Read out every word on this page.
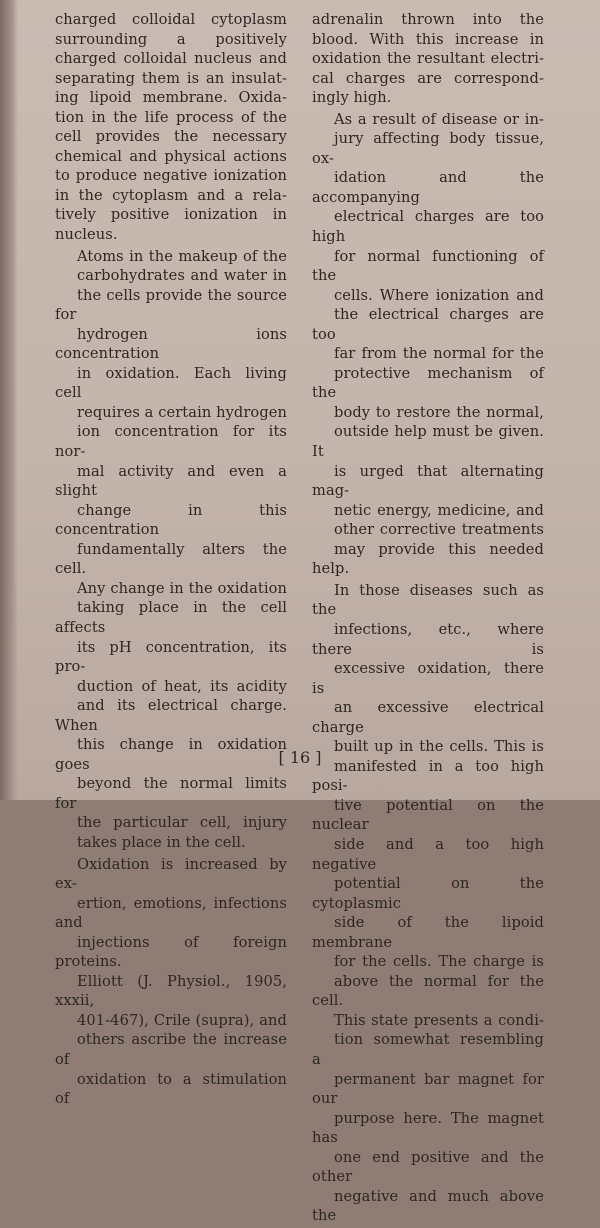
charged colloidal cytoplasm
surrounding a positively
charged colloidal nucleus and
separating them is an insulat-
ing lipoid membrane. Oxida-
tion in the life process of the
cell provides the necessary
chemical and physical actions
to produce negative ionization
in the cytoplasm and a rela-
tively positive ionization in
nucleus.

Atoms in the makeup of the
carbohydrates and water in
the cells provide the source for
hydrogen ions concentration
in oxidation. Each living cell
requires a certain hydrogen
ion concentration for its nor-
mal activity and even a slight
change in this concentration
fundamentally alters the cell.
Any change in the oxidation
taking place in the cell affects
its pH concentration, its pro-
duction of heat, its acidity
and its electrical charge. When
this change in oxidation goes
beyond the normal limits for
the particular cell, injury
takes place in the cell.

Oxidation is increased by ex-
ertion, emotions, infections and
injections of foreign proteins.
Elliott (J. Physiol., 1905, xxxii,
401-467), Crile (supra), and
others ascribe the increase of
oxidation to a stimulation of

adrenalin thrown into the
blood. With this increase in
oxidation the resultant electri-
cal charges are correspond-
ingly high.

As a result of disease or in-
jury affecting body tissue, ox-
idation and the accompanying
electrical charges are too high
for normal functioning of the
cells. Where ionization and
the electrical charges are too
far from the normal for the
protective mechanism of the
body to restore the normal,
outside help must be given. It
is urged that alternating mag-
netic energy, medicine, and
other corrective treatments
may provide this needed help.

In those diseases such as the
infections, etc., where there is
excessive oxidation, there is
an excessive electrical charge
built up in the cells. This is
manifested in a too high posi-
tive potential on the nuclear
side and a too high negative
potential on the cytoplasmic
side of the lipoid membrane
for the cells. The charge is
above the normal for the cell.
This state presents a condi-
tion somewhat resembling a
permanent bar magnet for our
purpose here. The magnet has
one end positive and the other
negative and much above the

[ 16 ]
